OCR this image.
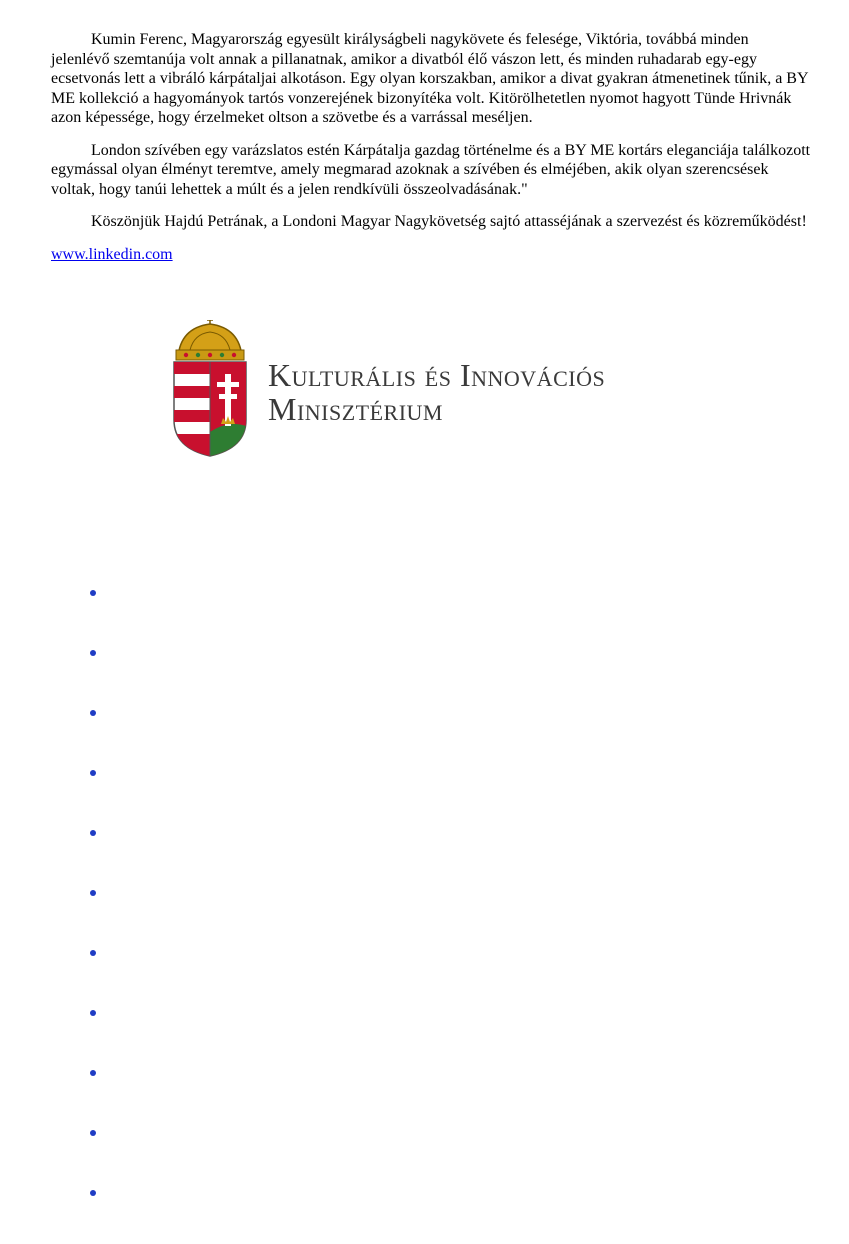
Kumin Ferenc, Magyarország egyesült királyságbeli nagykövete és felesége, Viktória, továbbá minden jelenlévő szemtanúja volt annak a pillanatnak, amikor a divatból élő vászon lett, és minden ruhadarab egy-egy ecsetvonás lett a vibráló kárpátaljai alkotáson. Egy olyan korszakban, amikor a divat gyakran átmenetinek tűnik, a BY ME kollekció a hagyományok tartós vonzerejének bizonyítéka volt. Kitörölhetetlen nyomot hagyott Tünde Hrivnák azon képessége, hogy érzelmeket oltson a szövetbe és a varrással meséljen.

London szívében egy varázslatos estén Kárpátalja gazdag történelme és a BY ME kortárs eleganciája találkozott egymással olyan élményt teremtve, amely megmarad azoknak a szívében és elméjében, akik olyan szerencsések voltak, hogy tanúi lehettek a múlt és a jelen rendkívüli összeolvadásának."

Köszönjük Hajdú Petrának, a Londoni Magyar Nagykövetség sajtó attasséjának a szervezést és közreműködést!

www.linkedin.com
Kulturális és Innovációs
Minisztérium
